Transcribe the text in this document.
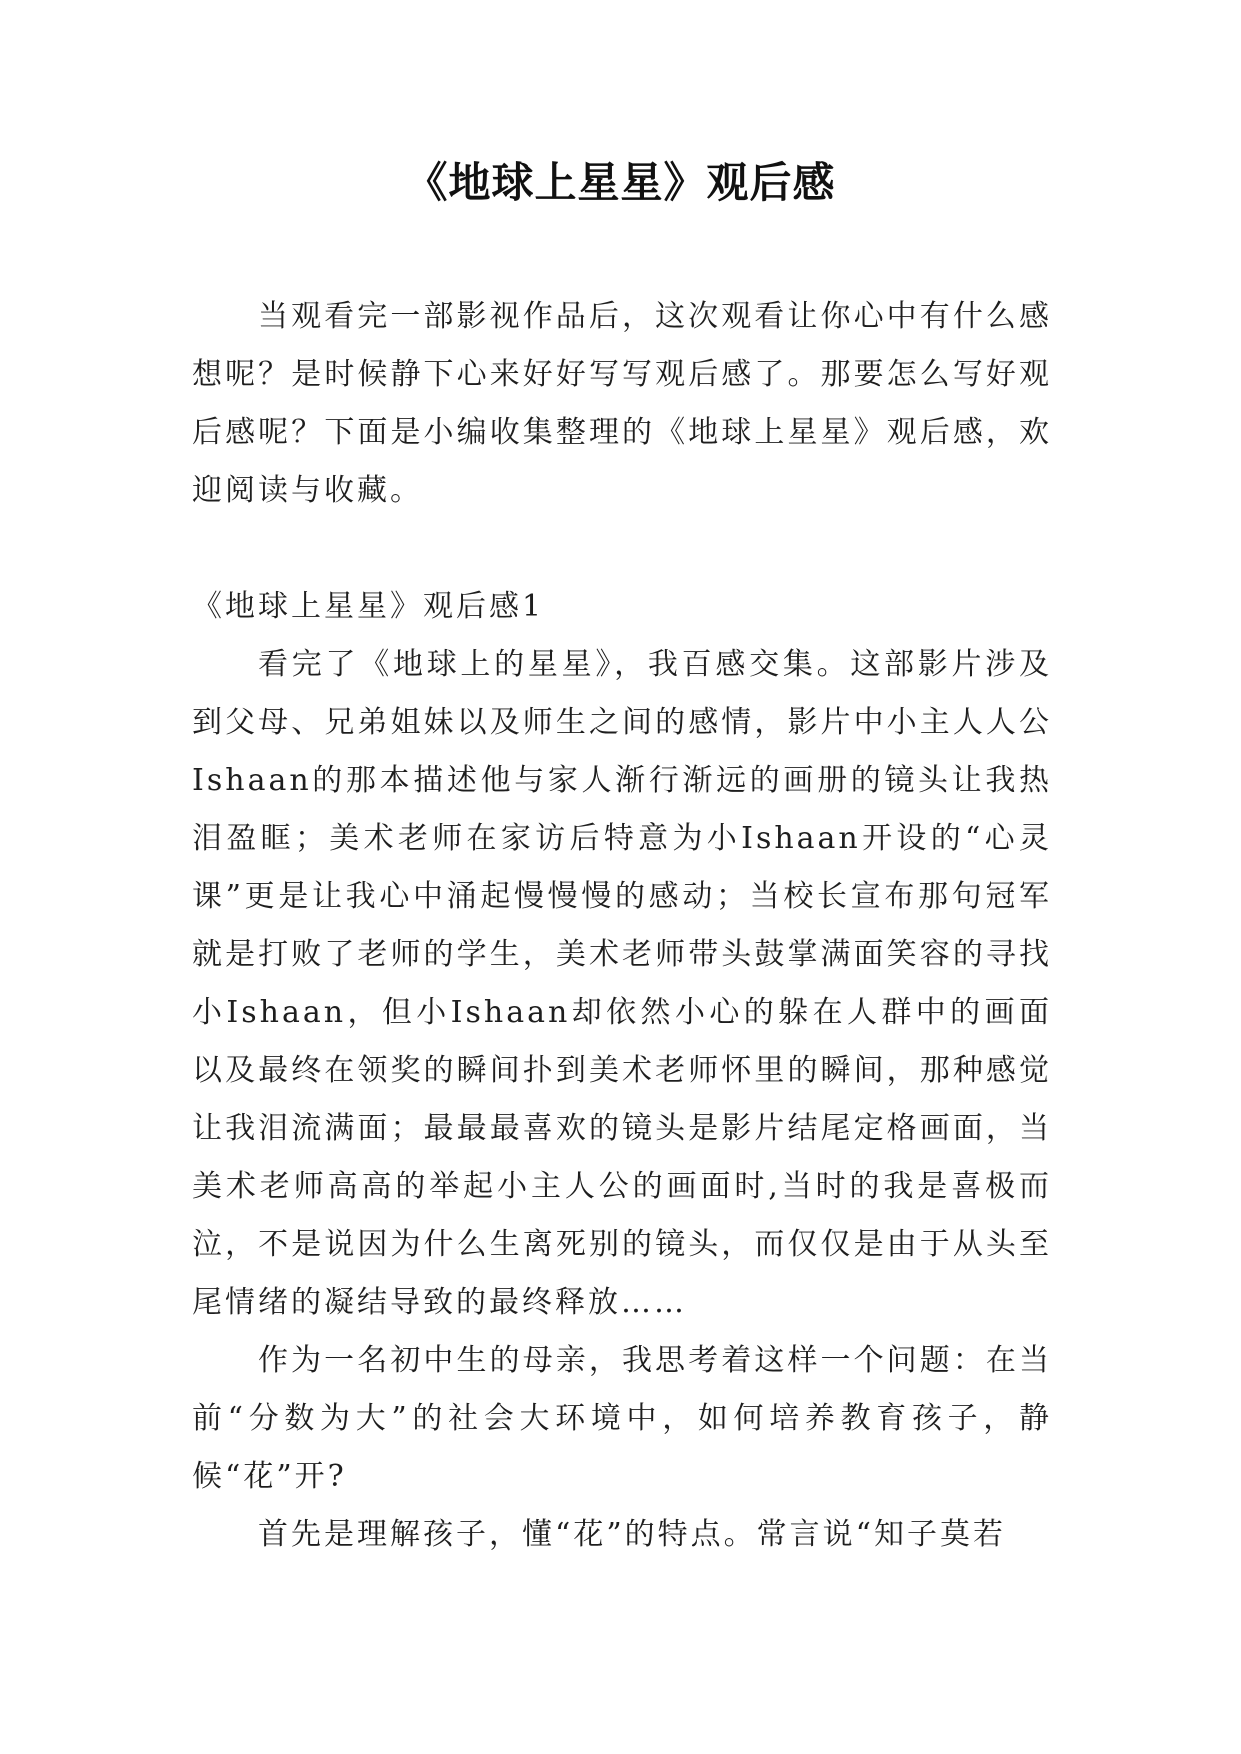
《地球上星星》观后感

当观看完一部影视作品后，这次观看让你心中有什么感想呢？是时候静下心来好好写写观后感了。那要怎么写好观后感呢？下面是小编收集整理的《地球上星星》观后感，欢迎阅读与收藏。

《地球上星星》观后感1

看完了《地球上的星星》，我百感交集。这部影片涉及到父母、兄弟姐妹以及师生之间的感情，影片中小主人人公Ishaan的那本描述他与家人渐行渐远的画册的镜头让我热泪盈眶；美术老师在家访后特意为小Ishaan开设的“心灵课”更是让我心中涌起慢慢慢的感动；当校长宣布那句冠军就是打败了老师的学生，美术老师带头鼓掌满面笑容的寻找小Ishaan，但小Ishaan却依然小心的躲在人群中的画面以及最终在领奖的瞬间扑到美术老师怀里的瞬间，那种感觉让我泪流满面；最最最喜欢的镜头是影片结尾定格画面，当美术老师高高的举起小主人公的画面时,当时的我是喜极而泣，不是说因为什么生离死别的镜头，而仅仅是由于从头至尾情绪的凝结导致的最终释放……

作为一名初中生的母亲，我思考着这样一个问题：在当前“分数为大”的社会大环境中，如何培养教育孩子，静候“花”开?

首先是理解孩子，懂“花”的特点。常言说“知子莫若
